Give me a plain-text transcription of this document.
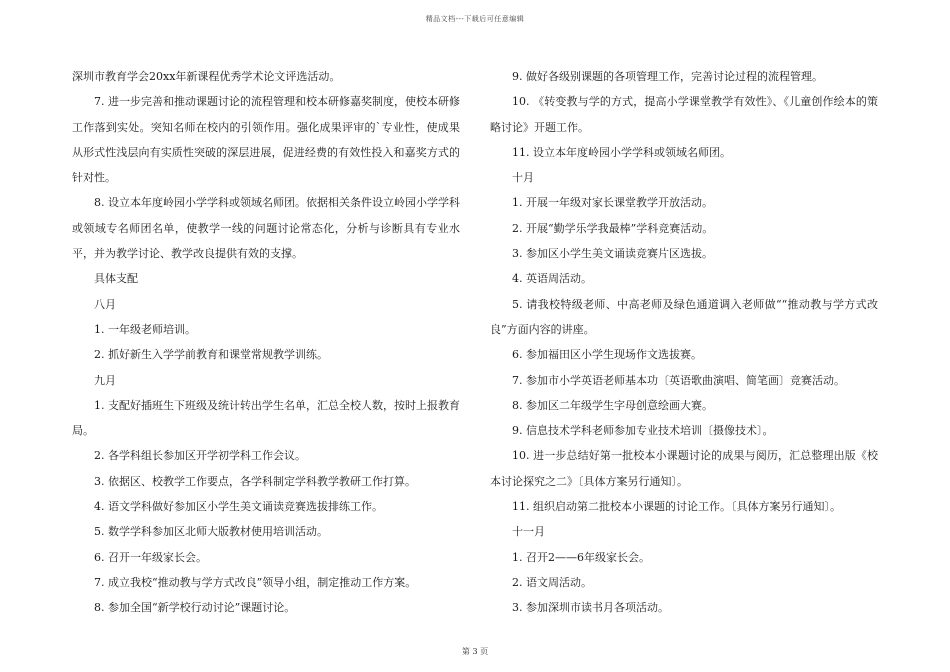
精品文档---下载后可任意编辑

深圳市教育学会20xx年新课程优秀学术论文评选活动。

7. 进一步完善和推动课题讨论的流程管理和校本研修嘉奖制度，使校本研修工作落到实处。突知名师在校内的引领作用。强化成果评审的`专业性，使成果从形式性浅层向有实质性突破的深层进展，促进经费的有效性投入和嘉奖方式的针对性。

8. 设立本年度岭园小学学科或领域名师团。依据相关条件设立岭园小学学科或领域专名师团名单，使教学一线的问题讨论常态化，分析与诊断具有专业水平，并为教学讨论、教学改良提供有效的支撑。

具体支配

八月

1. 一年级老师培训。

2. 抓好新生入学学前教育和课堂常规教学训练。

九月

1. 支配好插班生下班级及统计转出学生名单，汇总全校人数，按时上报教育局。

2. 各学科组长参加区开学初学科工作会议。

3. 依据区、校教学工作要点，各学科制定学科教学教研工作打算。

4. 语文学科做好参加区小学生美文诵读竞赛选拔排练工作。

5. 数学学科参加区北师大版教材使用培训活动。

6. 召开一年级家长会。

7. 成立我校“推动教与学方式改良”领导小组，制定推动工作方案。

8. 参加全国“新学校行动讨论”课题讨论。

9. 做好各级别课题的各项管理工作，完善讨论过程的流程管理。

10. 《转变教与学的方式，提高小学课堂教学有效性》、《儿童创作绘本的策略讨论》开题工作。

11. 设立本年度岭园小学学科或领域名师团。

十月

1. 开展一年级对家长课堂教学开放活动。

2. 开展“勤学乐学我最棒”学科竞赛活动。

3. 参加区小学生美文诵读竞赛片区选拔。

4. 英语周活动。

5. 请我校特级老师、中高老师及绿色通道调入老师做““推动教与学方式改良”方面内容的讲座。

6. 参加福田区小学生现场作文选拔赛。

7. 参加市小学英语老师基本功〔英语歌曲演唱、简笔画〕竞赛活动。

8. 参加区二年级学生字母创意绘画大赛。

9. 信息技术学科老师参加专业技术培训〔摄像技术〕。

10. 进一步总结好第一批校本小课题讨论的成果与阅历，汇总整理出版《校本讨论探究之二》〔具体方案另行通知〕。

11. 组织启动第二批校本小课题的讨论工作。〔具体方案另行通知〕。

十一月

1. 召开2——6年级家长会。

2. 语文周活动。

3. 参加深圳市读书月各项活动。

第 3 页
